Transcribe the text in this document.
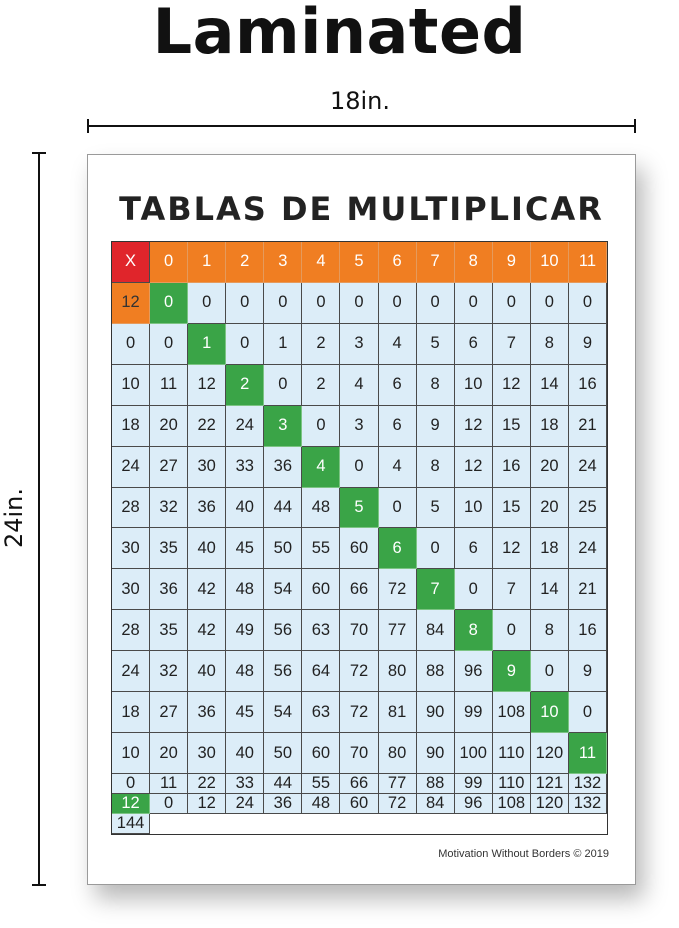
Laminated
18in.
24in.
TABLAS DE MULTIPLICAR
X	0	1	2	3	4	5	6	7	8	9	10	11
12	0	0	0	0	0	0	0	0	0	0	0	0
0	0	1	0	1	2	3	4	5	6	7	8	9
10	11	12	2	0	2	4	6	8	10	12	14	16
18	20	22	24	3	0	3	6	9	12	15	18	21
24	27	30	33	36	4	0	4	8	12	16	20	24
28	32	36	40	44	48	5	0	5	10	15	20	25
30	35	40	45	50	55	60	6	0	6	12	18	24
30	36	42	48	54	60	66	72	7	0	7	14	21
28	35	42	49	56	63	70	77	84	8	0	8	16
24	32	40	48	56	64	72	80	88	96	9	0	9
18	27	36	45	54	63	72	81	90	99 108 10	0
10	20	30	40	50	60	70	80	90 100 110 120 11
0	11	22	33	44	55	66	77	88	99 110 121 132
12	0	12	24	36	48	60	72	84	96 108 120 132
144
Motivation Without Borders © 2019
